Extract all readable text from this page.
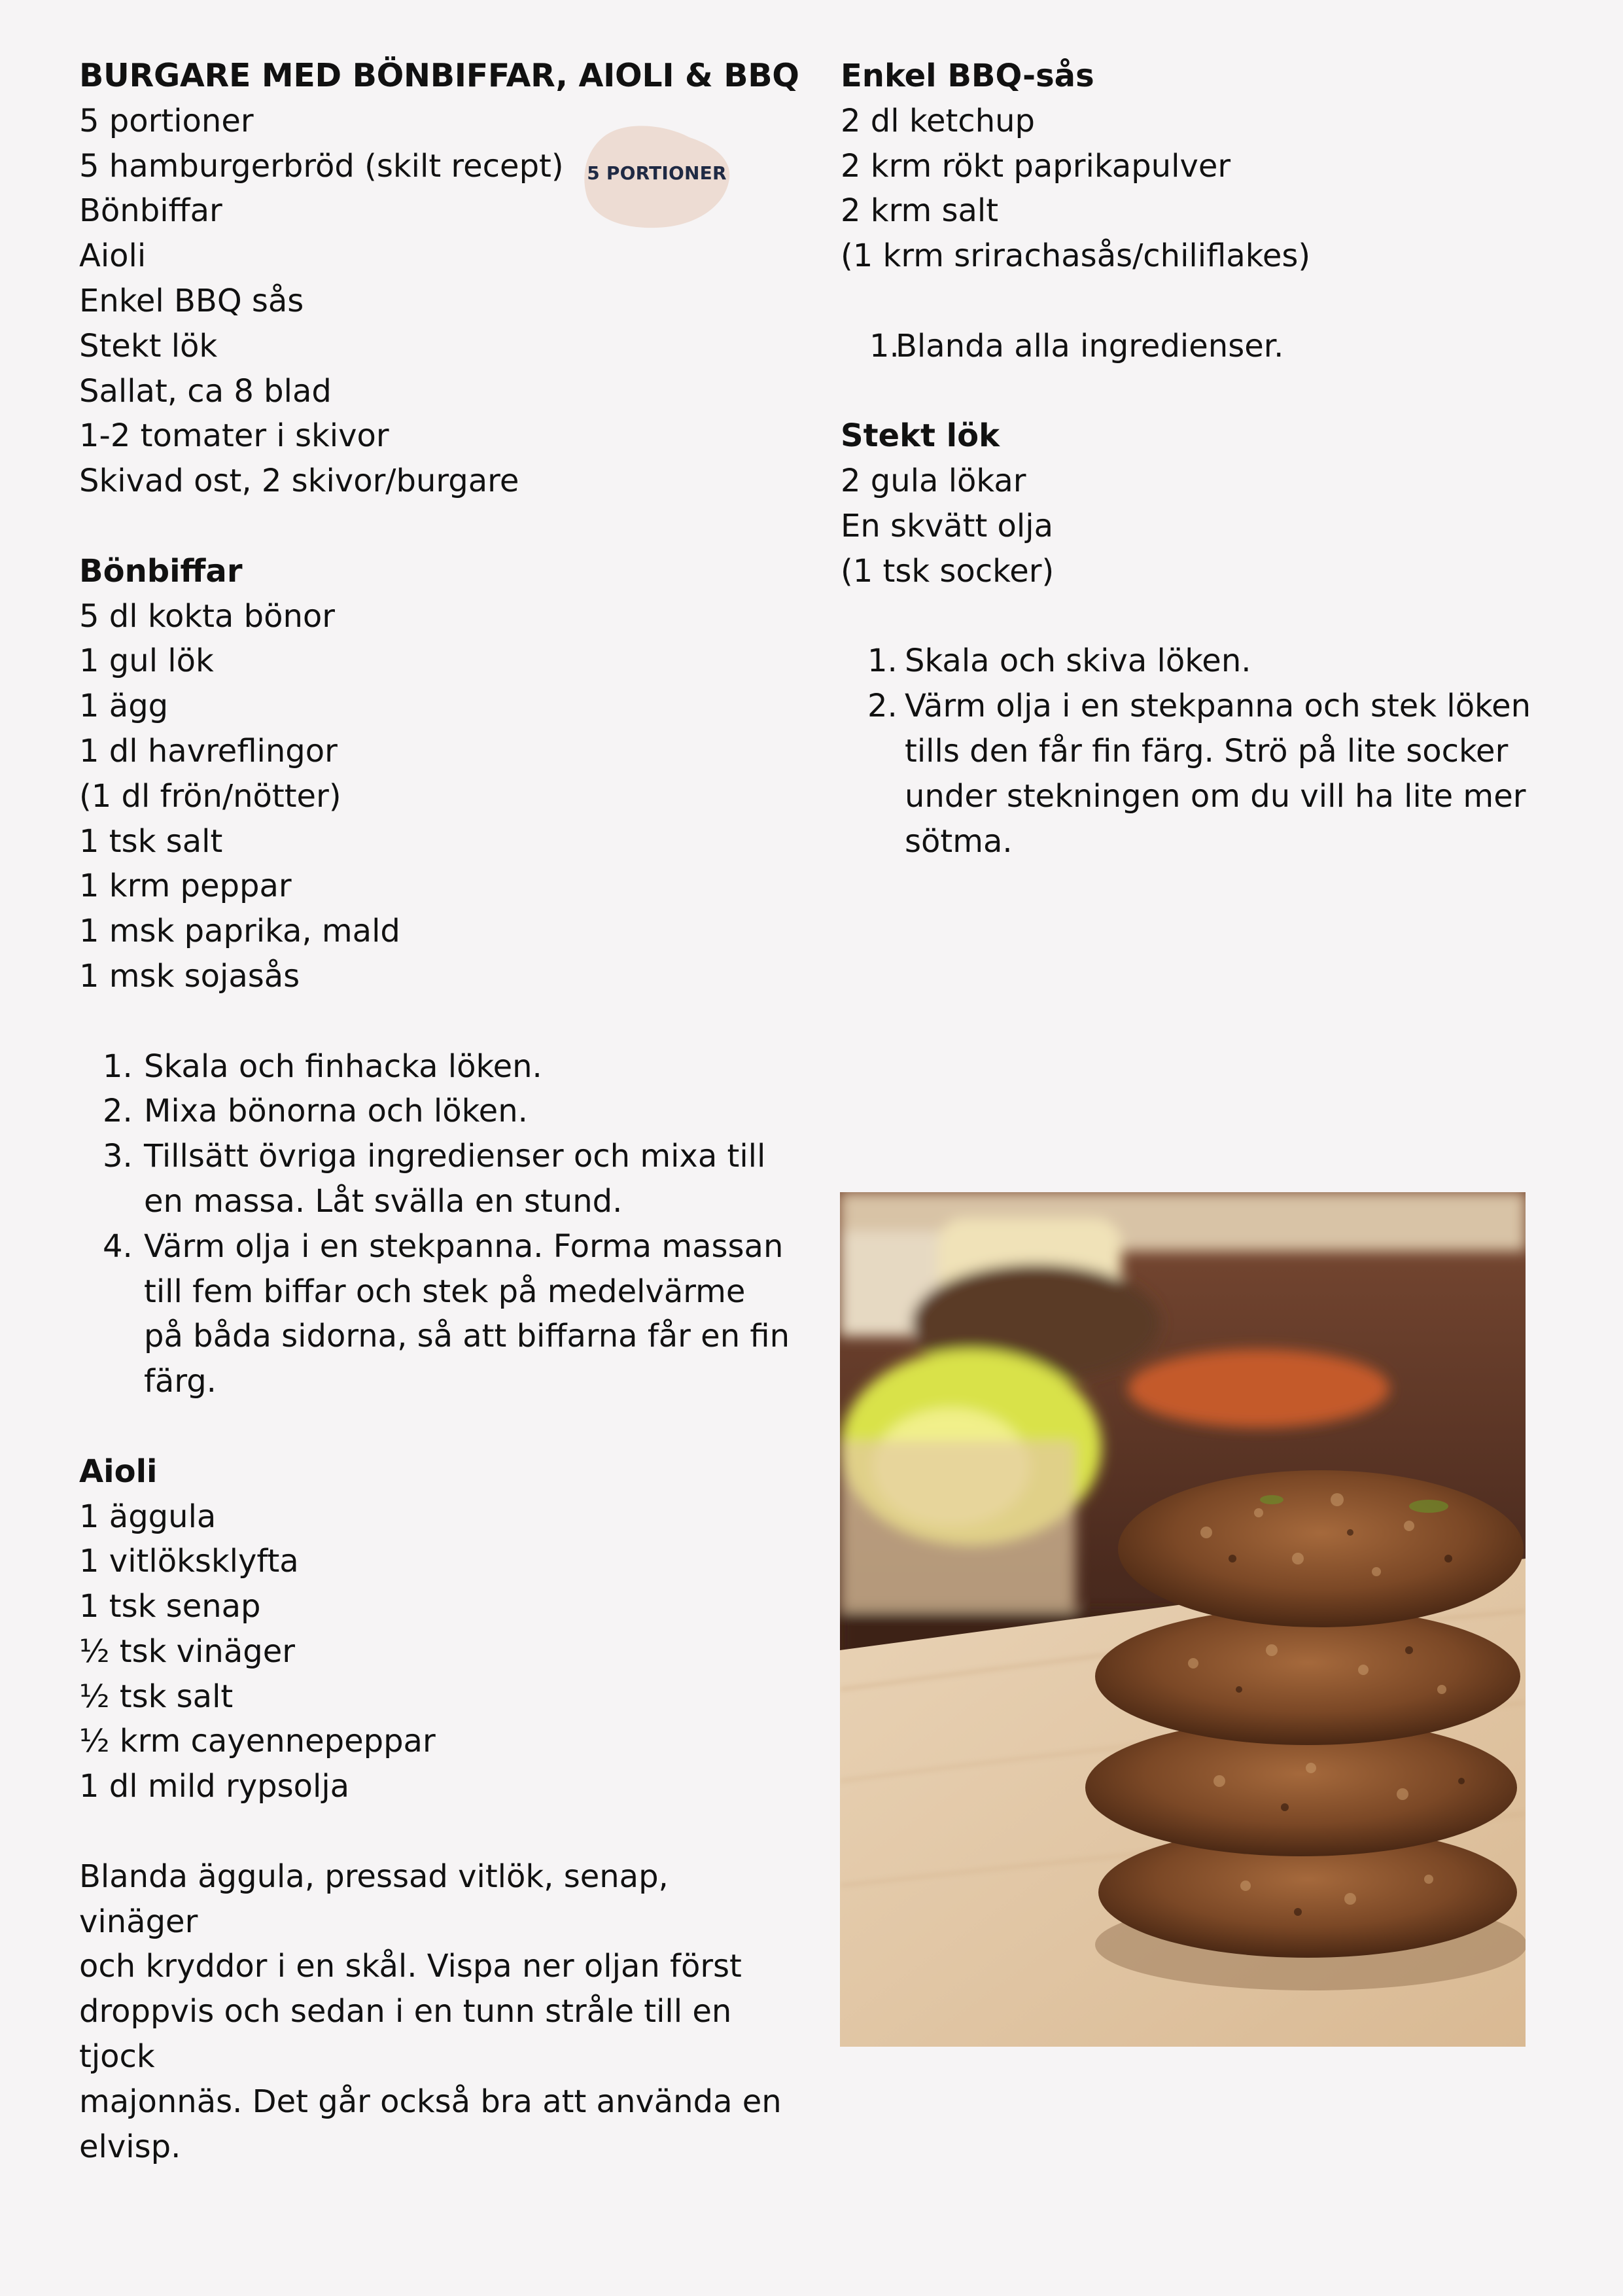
BURGARE MED BÖNBIFFAR, AIOLI & BBQ
5 portioner
5 hamburgerbröd (skilt recept)
Bönbiffar
Aioli
Enkel BBQ sås
Stekt lök
Sallat, ca 8 blad
1-2 tomater i skivor
Skivad ost, 2 skivor/burgare
Bönbiffar
5 dl kokta bönor
1 gul lök
1 ägg
1 dl havreflingor
(1 dl frön/nötter)
1 tsk salt
1 krm peppar
1 msk paprika, mald
1 msk sojasås
1. Skala och finhacka löken.
2. Mixa bönorna och löken.
3. Tillsätt övriga ingredienser och mixa till en massa. Låt svälla en stund.
4. Värm olja i en stekpanna. Forma massan till fem biffar och stek på medelvärme på båda sidorna, så att biffarna får en fin färg.
Aioli
1 äggula
1 vitlöksklyfta
1 tsk senap
½ tsk vinäger
½ tsk salt
½ krm cayennepeppar
1 dl mild rypsolja
Blanda äggula, pressad vitlök, senap, vinäger
och kryddor i en skål. Vispa ner oljan först
droppvis och sedan i en tunn stråle till en tjock
majonnäs. Det går också bra att använda en
elvisp.
5 PORTIONER
Enkel BBQ-sås
2 dl ketchup
2 krm rökt paprikapulver
2 krm salt
(1 krm srirachasås/chiliflakes)
1.
Blanda alla ingredienser.
Stekt lök
2 gula lökar
En skvätt olja
(1 tsk socker)
1. Skala och skiva löken.
2. Värm olja i en stekpanna och stek löken tills den får fin färg. Strö på lite socker under stekningen om du vill ha lite mer sötma.
